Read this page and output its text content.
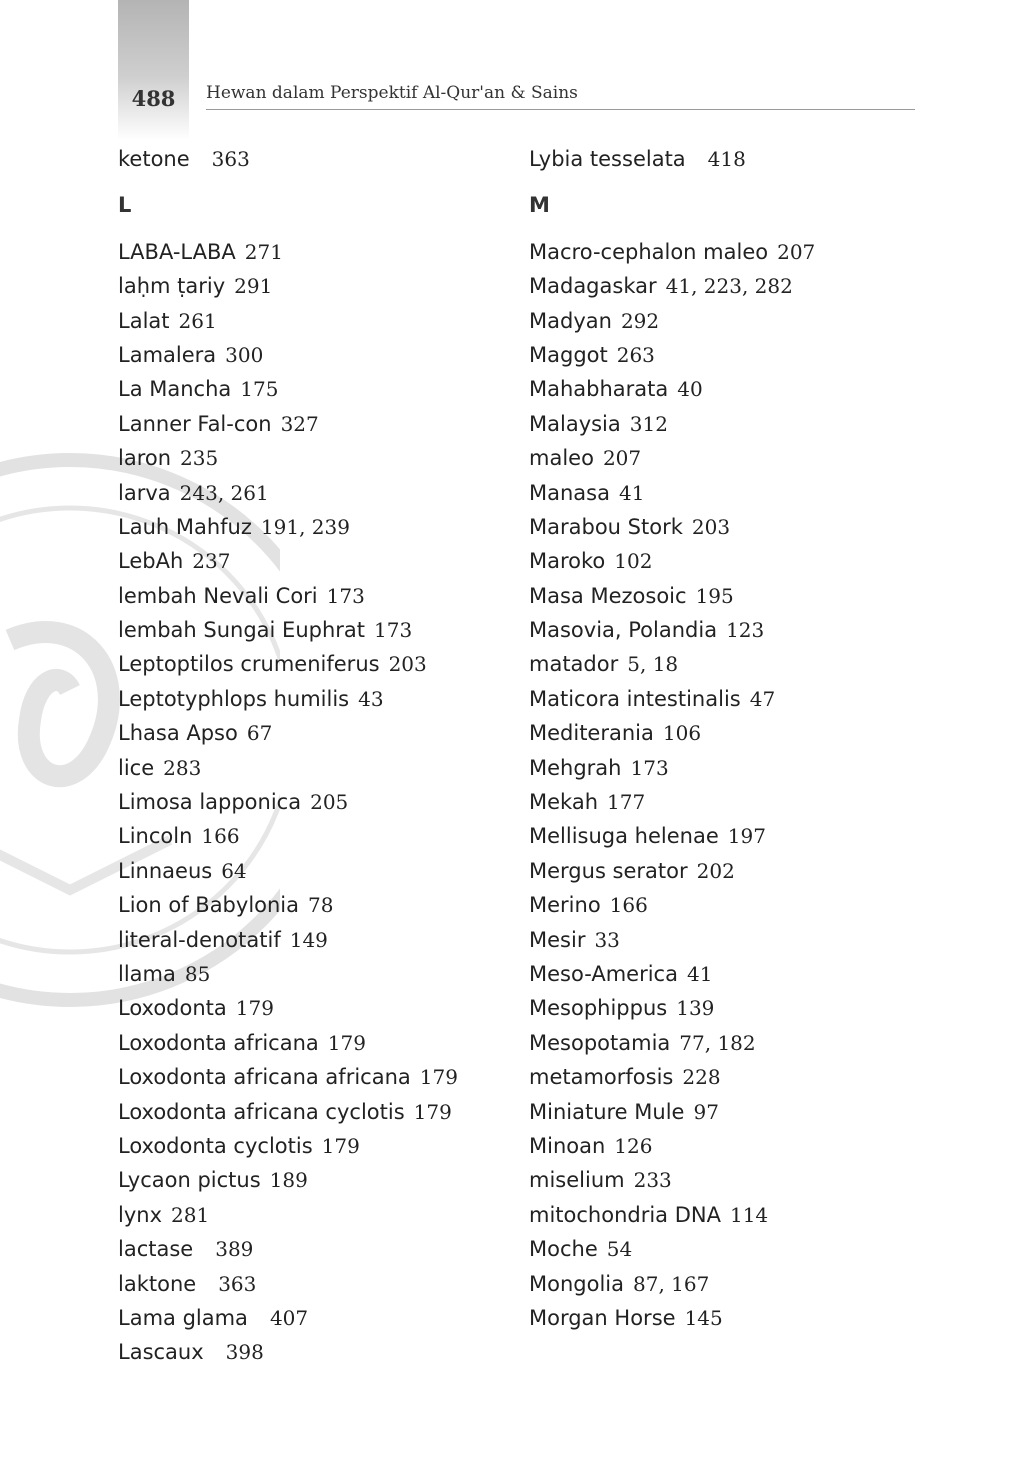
488	Hewan dalam Perspektif Al-Qur'an & Sains
ketone 363
L
LABA-LABA 271
laḥm ṭariy 291
Lalat 261
Lamalera 300
La Mancha 175
Lanner Fal-con 327
laron 235
larva 243, 261
Lauh Mahfuz 191, 239
LebAh 237
lembah Nevali Cori 173
lembah Sungai Euphrat 173
Leptoptilos crumeniferus 203
Leptotyphlops humilis 43
Lhasa Apso 67
lice 283
Limosa lapponica 205
Lincoln 166
Linnaeus 64
Lion of Babylonia 78
literal-denotatif 149
llama 85
Loxodonta 179
Loxodonta africana 179
Loxodonta africana africana 179
Loxodonta africana cyclotis 179
Loxodonta cyclotis 179
Lycaon pictus 189
lynx 281
lactase 389
laktone 363
Lama glama 407
Lascaux 398
Lybia tesselata 418
M
Macro-cephalon maleo 207
Madagaskar 41, 223, 282
Madyan 292
Maggot 263
Mahabharata 40
Malaysia 312
maleo 207
Manasa 41
Marabou Stork 203
Maroko 102
Masa Mezosoic 195
Masovia, Polandia 123
matador 5, 18
Maticora intestinalis 47
Mediterania 106
Mehgrah 173
Mekah 177
Mellisuga helenae 197
Mergus serator 202
Merino 166
Mesir 33
Meso-America 41
Mesophippus 139
Mesopotamia 77, 182
metamorfosis 228
Miniature Mule 97
Minoan 126
miselium 233
mitochondria DNA 114
Moche 54
Mongolia 87, 167
Morgan Horse 145
